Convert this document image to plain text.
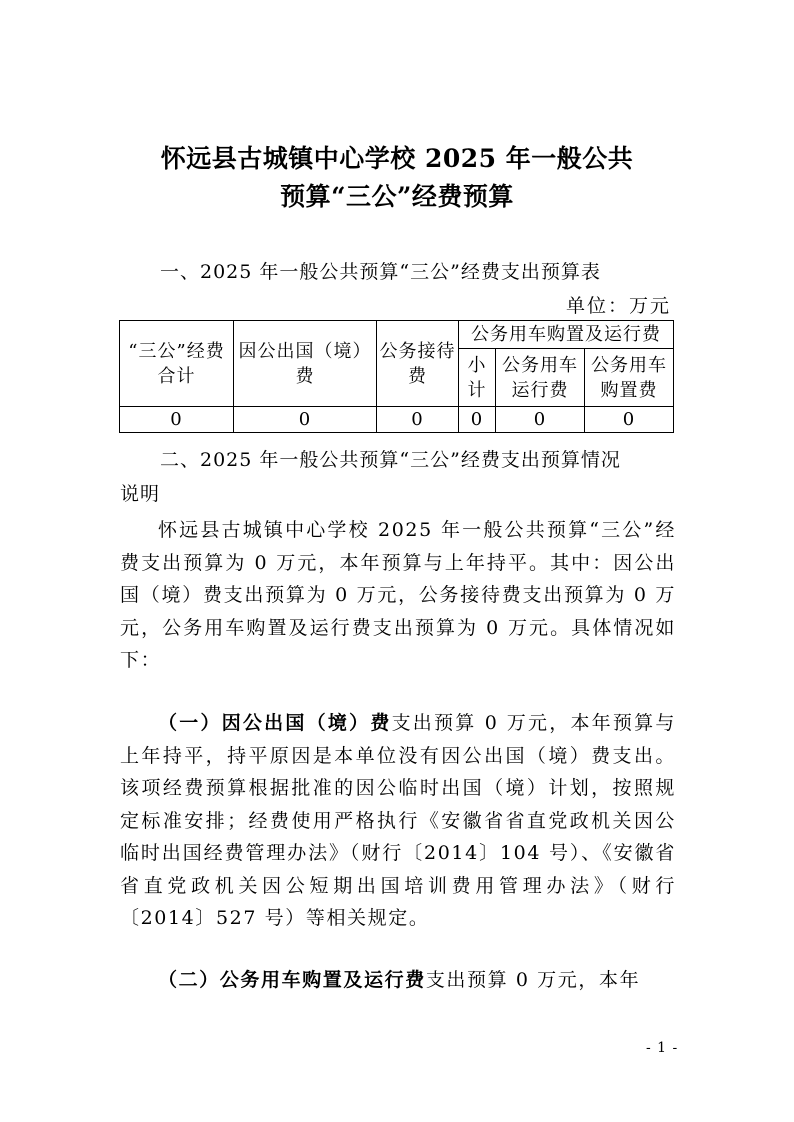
怀远县古城镇中心学校 2025 年一般公共
预算“三公”经费预算
一、2025 年一般公共预算“三公”经费支出预算表
单位：万元
“三公”经费合计	因公出国（境）费	公务接待费	公务用车购置及运行费		
			小计	公务用车运行费	公务用车购置费
0	0	0	0	0	0
二、2025 年一般公共预算“三公”经费支出预算情况
说明

怀远县古城镇中心学校 2025 年一般公共预算“三公”经费支出预算为 0 万元，本年预算与上年持平。其中：因公出国（境）费支出预算为 0 万元，公务接待费支出预算为 0 万元，公务用车购置及运行费支出预算为 0 万元。具体情况如下：

（一）因公出国（境）费支出预算 0 万元，本年预算与上年持平，持平原因是本单位没有因公出国（境）费支出。该项经费预算根据批准的因公临时出国（境）计划，按照规定标准安排；经费使用严格执行《安徽省省直党政机关因公临时出国经费管理办法》（财行〔2014〕104 号）、《安徽省省直党政机关因公短期出国培训费用管理办法》（财行〔2014〕527 号）等相关规定。

（二）公务用车购置及运行费支出预算 0 万元，本年

- 1 -
